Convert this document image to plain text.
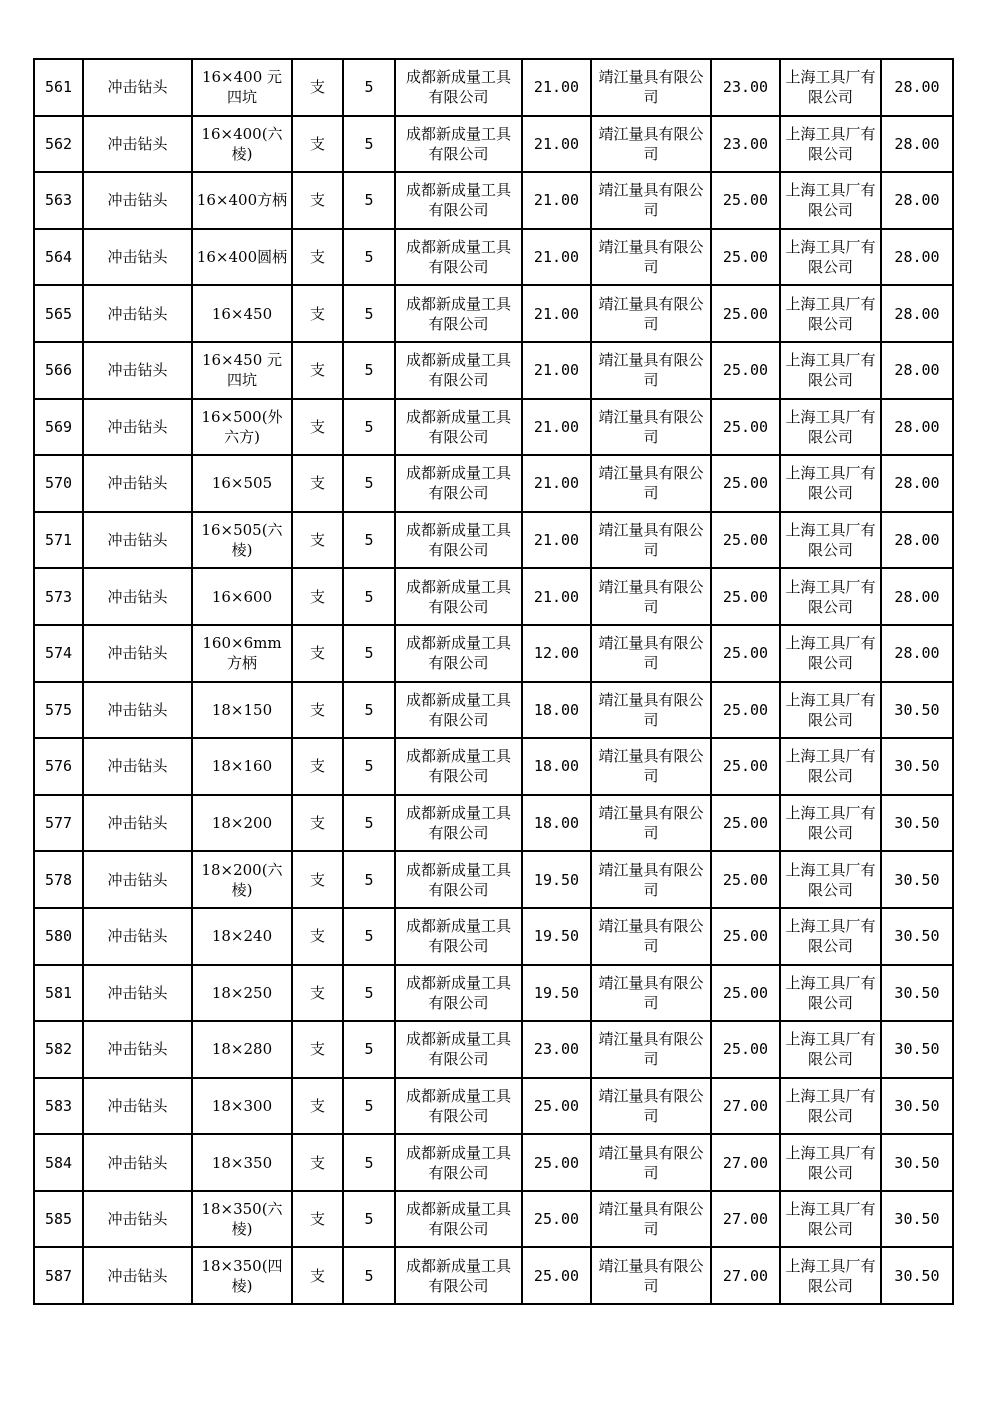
561	冲击钻头	16×400 元四坑	支	5	成都新成量工具有限公司	21.00	靖江量具有限公司	23.00	上海工具厂有限公司	28.00
562	冲击钻头	16×400(六棱)	支	5	成都新成量工具有限公司	21.00	靖江量具有限公司	23.00	上海工具厂有限公司	28.00
563	冲击钻头	16×400方柄	支	5	成都新成量工具有限公司	21.00	靖江量具有限公司	25.00	上海工具厂有限公司	28.00
564	冲击钻头	16×400圆柄	支	5	成都新成量工具有限公司	21.00	靖江量具有限公司	25.00	上海工具厂有限公司	28.00
565	冲击钻头	16×450	支	5	成都新成量工具有限公司	21.00	靖江量具有限公司	25.00	上海工具厂有限公司	28.00
566	冲击钻头	16×450 元四坑	支	5	成都新成量工具有限公司	21.00	靖江量具有限公司	25.00	上海工具厂有限公司	28.00
569	冲击钻头	16×500(外六方)	支	5	成都新成量工具有限公司	21.00	靖江量具有限公司	25.00	上海工具厂有限公司	28.00
570	冲击钻头	16×505	支	5	成都新成量工具有限公司	21.00	靖江量具有限公司	25.00	上海工具厂有限公司	28.00
571	冲击钻头	16×505(六棱)	支	5	成都新成量工具有限公司	21.00	靖江量具有限公司	25.00	上海工具厂有限公司	28.00
573	冲击钻头	16×600	支	5	成都新成量工具有限公司	21.00	靖江量具有限公司	25.00	上海工具厂有限公司	28.00
574	冲击钻头	160×6mm 方柄	支	5	成都新成量工具有限公司	12.00	靖江量具有限公司	25.00	上海工具厂有限公司	28.00
575	冲击钻头	18×150	支	5	成都新成量工具有限公司	18.00	靖江量具有限公司	25.00	上海工具厂有限公司	30.50
576	冲击钻头	18×160	支	5	成都新成量工具有限公司	18.00	靖江量具有限公司	25.00	上海工具厂有限公司	30.50
577	冲击钻头	18×200	支	5	成都新成量工具有限公司	18.00	靖江量具有限公司	25.00	上海工具厂有限公司	30.50
578	冲击钻头	18×200(六棱)	支	5	成都新成量工具有限公司	19.50	靖江量具有限公司	25.00	上海工具厂有限公司	30.50
580	冲击钻头	18×240	支	5	成都新成量工具有限公司	19.50	靖江量具有限公司	25.00	上海工具厂有限公司	30.50
581	冲击钻头	18×250	支	5	成都新成量工具有限公司	19.50	靖江量具有限公司	25.00	上海工具厂有限公司	30.50
582	冲击钻头	18×280	支	5	成都新成量工具有限公司	23.00	靖江量具有限公司	25.00	上海工具厂有限公司	30.50
583	冲击钻头	18×300	支	5	成都新成量工具有限公司	25.00	靖江量具有限公司	27.00	上海工具厂有限公司	30.50
584	冲击钻头	18×350	支	5	成都新成量工具有限公司	25.00	靖江量具有限公司	27.00	上海工具厂有限公司	30.50
585	冲击钻头	18×350(六棱)	支	5	成都新成量工具有限公司	25.00	靖江量具有限公司	27.00	上海工具厂有限公司	30.50
587	冲击钻头	18×350(四棱)	支	5	成都新成量工具有限公司	25.00	靖江量具有限公司	27.00	上海工具厂有限公司	30.50
